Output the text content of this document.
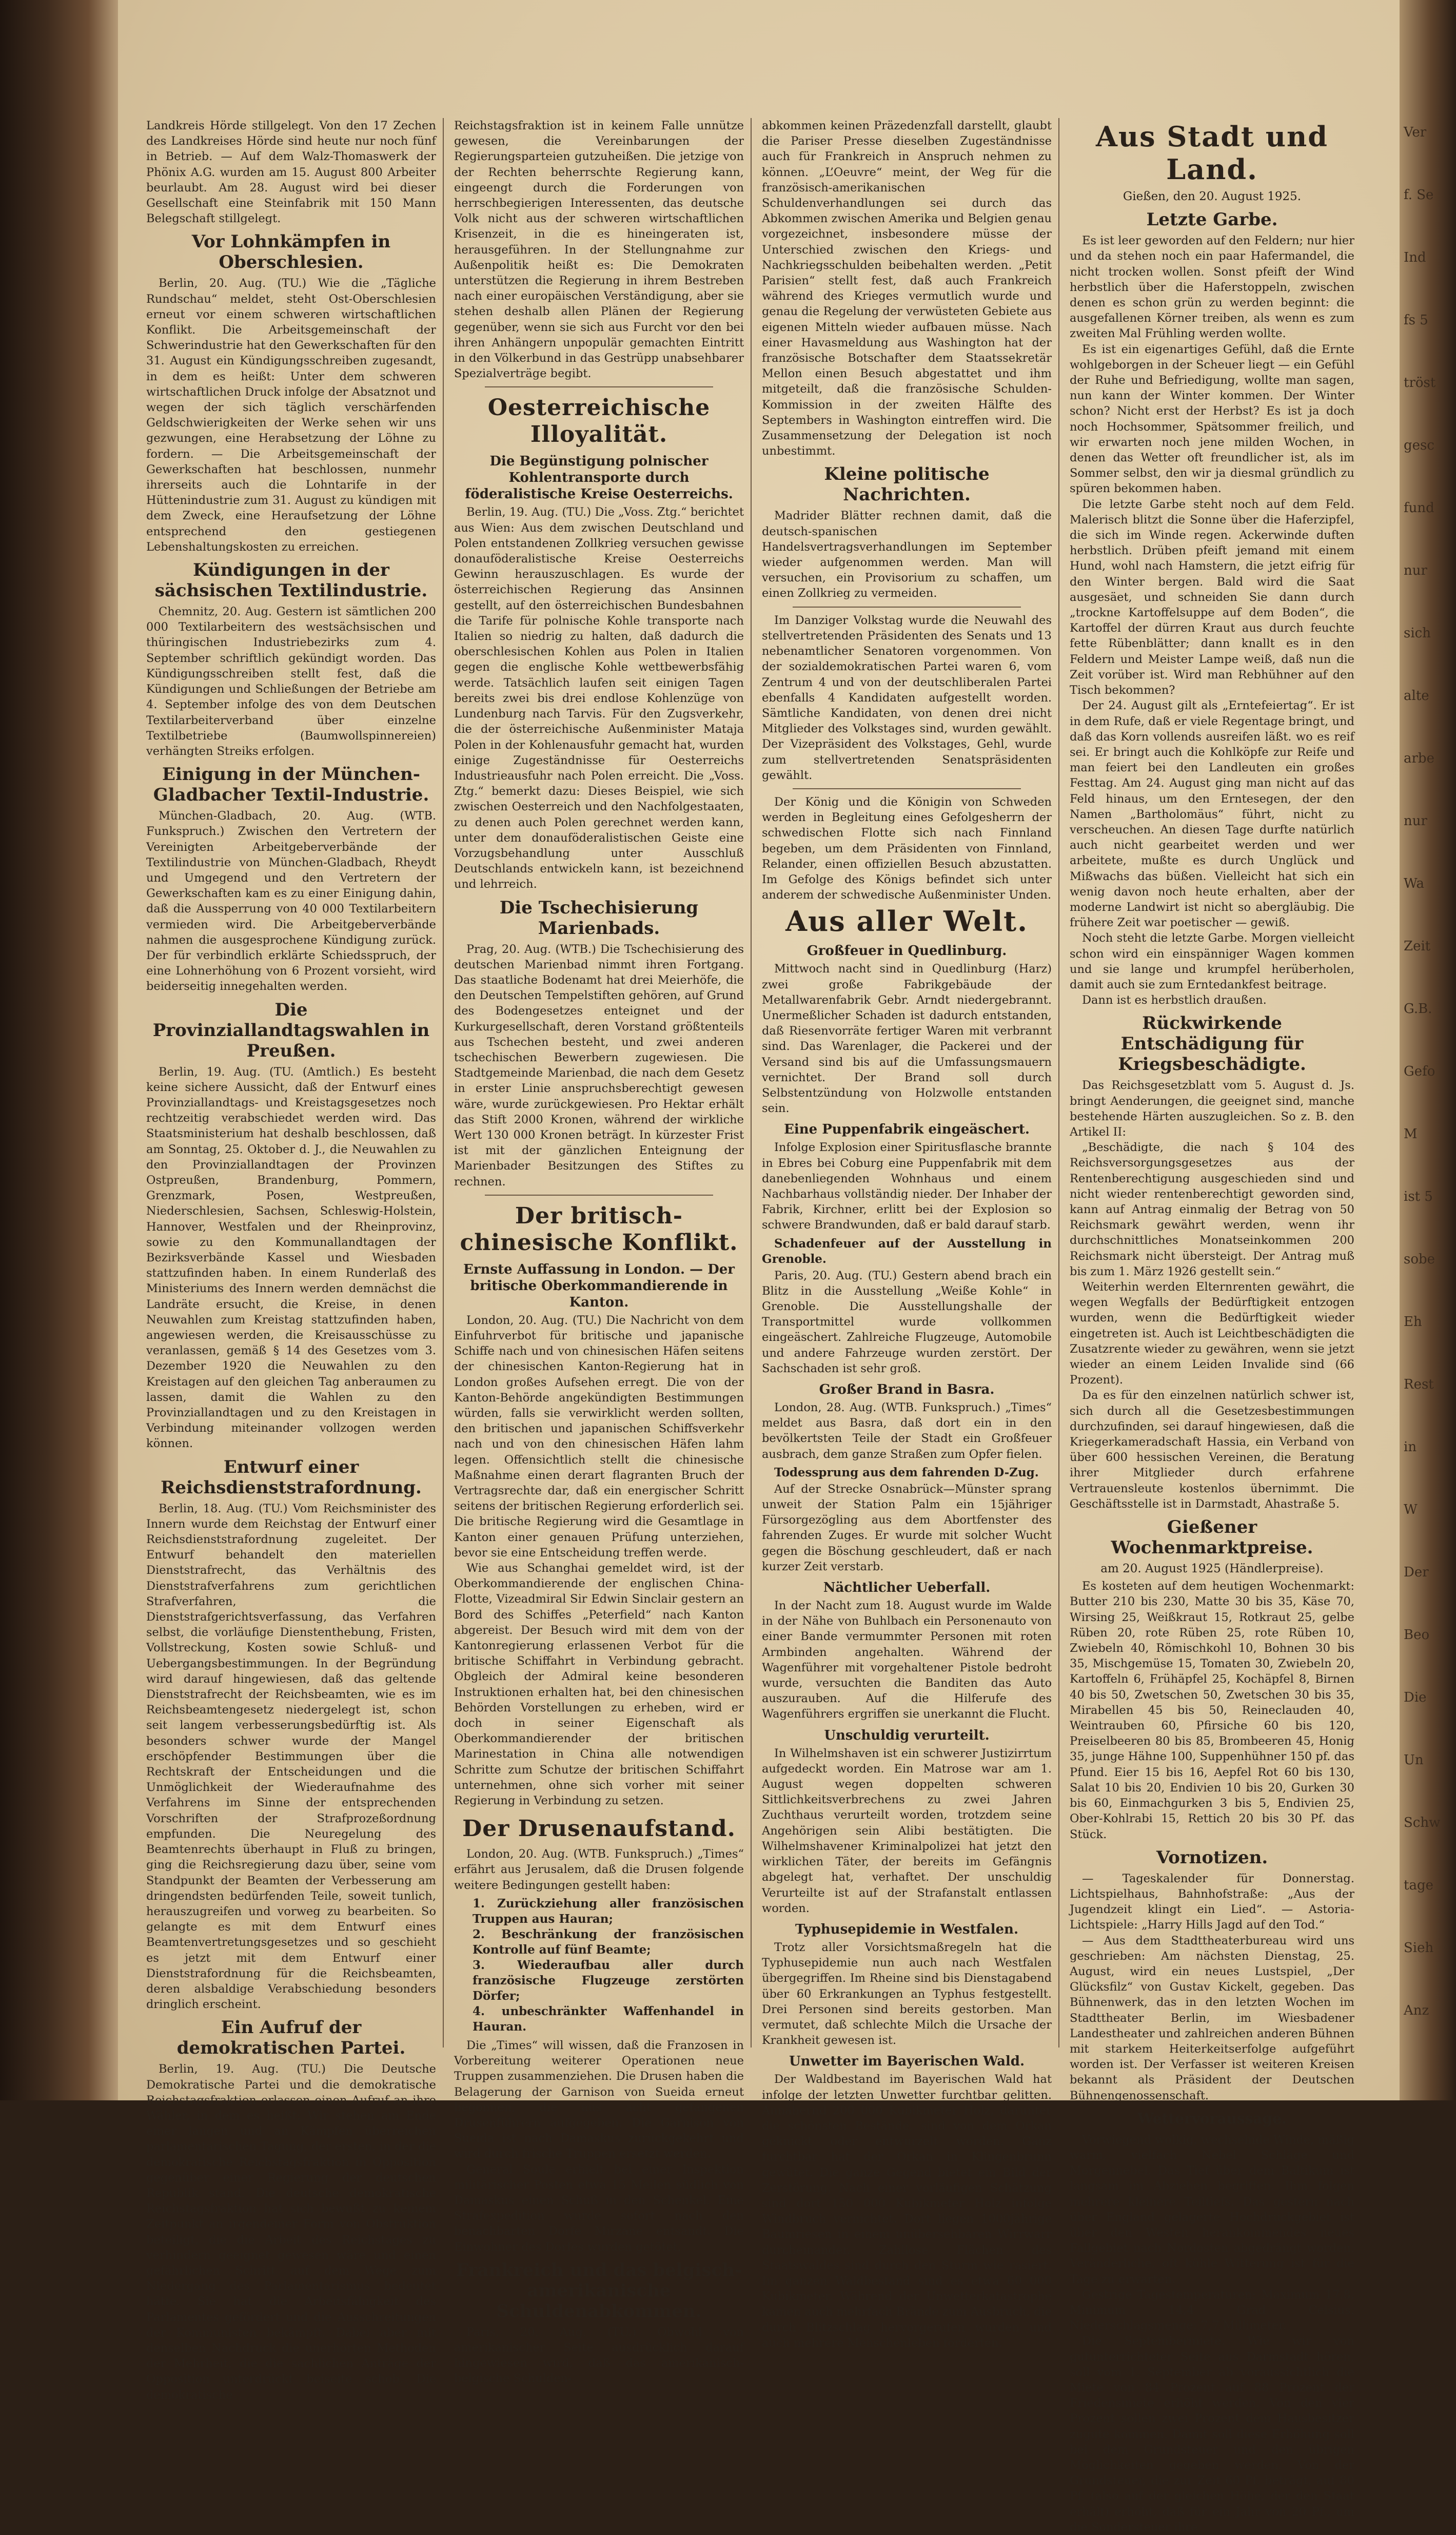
Landkreis Hörde stillgelegt. Von den 17 Zechen des Landkreises Hörde sind heute nur noch fünf in Betrieb. — Auf dem Walz-Thomaswerk der Phönix A.G. wurden am 15. August 800 Arbeiter beurlaubt. Am 28. August wird bei dieser Gesellschaft eine Steinfabrik mit 150 Mann Belegschaft stillgelegt.

Vor Lohnkämpfen in Oberschlesien.

Berlin, 20. Aug. (TU.) Wie die „Tägliche Rundschau“ meldet, steht Ost-Oberschlesien erneut vor einem schweren wirtschaftlichen Konflikt. Die Arbeitsgemeinschaft der Schwerindustrie hat den Gewerkschaften für den 31. August ein Kündigungsschreiben zugesandt, in dem es heißt: Unter dem schweren wirtschaftlichen Druck infolge der Absatznot und wegen der sich täglich verschärfenden Geldschwierigkeiten der Werke sehen wir uns gezwungen, eine Herabsetzung der Löhne zu fordern. — Die Arbeitsgemeinschaft der Gewerkschaften hat beschlossen, nunmehr ihrerseits auch die Lohntarife in der Hüttenindustrie zum 31. August zu kündigen mit dem Zweck, eine Heraufsetzung der Löhne entsprechend den gestiegenen Lebenshaltungskosten zu erreichen.

Kündigungen in der sächsischen Textilindustrie.

Chemnitz, 20. Aug. Gestern ist sämtlichen 200 000 Textilarbeitern des westsächsischen und thüringischen Industriebezirks zum 4. September schriftlich gekündigt worden. Das Kündigungsschreiben stellt fest, daß die Kündigungen und Schließungen der Betriebe am 4. September infolge des von dem Deutschen Textilarbeiterverband über einzelne Textilbetriebe (Baumwollspinnereien) verhängten Streiks erfolgen.

Einigung in der München-Gladbacher Textil-Industrie.

München-Gladbach, 20. Aug. (WTB. Funkspruch.) Zwischen den Vertretern der Vereinigten Arbeitgeberverbände der Textilindustrie von München-Gladbach, Rheydt und Umgegend und den Vertretern der Gewerkschaften kam es zu einer Einigung dahin, daß die Aussperrung von 40 000 Textilarbeitern vermieden wird. Die Arbeitgeberverbände nahmen die ausgesprochene Kündigung zurück. Der für verbindlich erklärte Schiedsspruch, der eine Lohnerhöhung von 6 Prozent vorsieht, wird beiderseitig innegehalten werden.

Die Provinziallandtagswahlen in Preußen.

Berlin, 19. Aug. (TU. (Amtlich.) Es besteht keine sichere Aussicht, daß der Entwurf eines Provinziallandtags- und Kreistagsgesetzes noch rechtzeitig verabschiedet werden wird. Das Staatsministerium hat deshalb beschlossen, daß am Sonntag, 25. Oktober d. J., die Neuwahlen zu den Provinziallandtagen der Provinzen Ostpreußen, Brandenburg, Pommern, Grenzmark, Posen, Westpreußen, Niederschlesien, Sachsen, Schleswig-Holstein, Hannover, Westfalen und der Rheinprovinz, sowie zu den Kommunallandtagen der Bezirksverbände Kassel und Wiesbaden stattzufinden haben. In einem Runderlaß des Ministeriums des Innern werden demnächst die Landräte ersucht, die Kreise, in denen Neuwahlen zum Kreistag stattzufinden haben, angewiesen werden, die Kreisausschüsse zu veranlassen, gemäß § 14 des Gesetzes vom 3. Dezember 1920 die Neuwahlen zu den Kreistagen auf den gleichen Tag anberaumen zu lassen, damit die Wahlen zu den Provinziallandtagen und zu den Kreistagen in Verbindung miteinander vollzogen werden können.

Entwurf einer Reichsdienststrafordnung.

Berlin, 18. Aug. (TU.) Vom Reichsminister des Innern wurde dem Reichstag der Entwurf einer Reichsdienststrafordnung zugeleitet. Der Entwurf behandelt den materiellen Dienststrafrecht, das Verhältnis des Dienststrafverfahrens zum gerichtlichen Strafverfahren, die Dienststrafgerichtsverfassung, das Verfahren selbst, die vorläufige Dienstenthebung, Fristen, Vollstreckung, Kosten sowie Schluß- und Uebergangsbestimmungen. In der Begründung wird darauf hingewiesen, daß das geltende Dienststrafrecht der Reichsbeamten, wie es im Reichsbeamtengesetz niedergelegt ist, schon seit langem verbesserungsbedürftig ist. Als besonders schwer wurde der Mangel erschöpfender Bestimmungen über die Rechtskraft der Entscheidungen und die Unmöglichkeit der Wiederaufnahme des Verfahrens im Sinne der entsprechenden Vorschriften der Strafprozeßordnung empfunden. Die Neuregelung des Beamtenrechts überhaupt in Fluß zu bringen, ging die Reichsregierung dazu über, seine vom Standpunkt der Beamten der Verbesserung am dringendsten bedürfenden Teile, soweit tunlich, herauszugreifen und vorweg zu bearbeiten. So gelangte es mit dem Entwurf eines Beamtenvertretungsgesetzes und so geschieht es jetzt mit dem Entwurf einer Dienststrafordnung für die Reichsbeamten, deren alsbaldige Verabschiedung besonders dringlich erscheint.

Ein Aufruf der demokratischen Partei.

Berlin, 19. Aug. (TU.) Die Deutsche Demokratische Partei und die demokratische Reichstagsfraktion erlassen einen Aufruf an ihre Wähler, in dem es heißt: Wir stehen am Ende einer langen und an Kämpfen überreichen parlamentarischen Tagung, der ersten, in der die demokratische Reichstagsfraktion in Opposition gegenüber einer Regierung der deutschen Republik stand. Die deutsche demokratische Reichstagsfraktion hat sich bewußt zu keinem Zeitpunkt an irgendeiner Form von Obstruktion beteiligt, die die Arbeit des Reichstages zu verhindern geeignet gewesen wäre und einen gefährlichen Schritt auf dem Wege zum Niedergang des Parlamentarismus bedeutet hätte. Sie hat die Arbeitsfähigkeit des Parlamentes gefördert und die Ausschreitungen der Kommunisten bekämpft. Dabei aber mit denselben Nachdruck die unerhörten Methoden der Mehrheit, die die sachlichen Anträge der Opposition unterdrückt beiseite schob. Die demokratische

Reichstagsfraktion ist in keinem Falle unnütze gewesen, die Vereinbarungen der Regierungsparteien gutzuheißen. Die jetzige von der Rechten beherrschte Regierung kann, eingeengt durch die Forderungen von herrschbegierigen Interessenten, das deutsche Volk nicht aus der schweren wirtschaftlichen Krisenzeit, in die es hineingeraten ist, herausgeführen. In der Stellungnahme zur Außenpolitik heißt es: Die Demokraten unterstützen die Regierung in ihrem Bestreben nach einer europäischen Verständigung, aber sie stehen deshalb allen Plänen der Regierung gegenüber, wenn sie sich aus Furcht vor den bei ihren Anhängern unpopulär gemachten Eintritt in den Völkerbund in das Gestrüpp unabsehbarer Spezialverträge begibt.

Oesterreichische Illoyalität.
Die Begünstigung polnischer Kohlentransporte durch föderalistische Kreise Oesterreichs.

Berlin, 19. Aug. (TU.) Die „Voss. Ztg.“ berichtet aus Wien: Aus dem zwischen Deutschland und Polen entstandenen Zollkrieg versuchen gewisse donauföderalistische Kreise Oesterreichs Gewinn herauszuschlagen. Es wurde der österreichischen Regierung das Ansinnen gestellt, auf den österreichischen Bundesbahnen die Tarife für polnische Kohle transporte nach Italien so niedrig zu halten, daß dadurch die oberschlesischen Kohlen aus Polen in Italien gegen die englische Kohle wettbewerbsfähig werde. Tatsächlich laufen seit einigen Tagen bereits zwei bis drei endlose Kohlenzüge von Lundenburg nach Tarvis. Für den Zugsverkehr, die der österreichische Außenminister Mataja Polen in der Kohlenausfuhr gemacht hat, wurden einige Zugeständnisse für Oesterreichs Industrieausfuhr nach Polen erreicht. Die „Voss. Ztg.“ bemerkt dazu: Dieses Beispiel, wie sich zwischen Oesterreich und den Nachfolgestaaten, zu denen auch Polen gerechnet werden kann, unter dem donauföderalistischen Geiste eine Vorzugsbehandlung unter Ausschluß Deutschlands entwickeln kann, ist bezeichnend und lehrreich.

Die Tschechisierung Marienbads.

Prag, 20. Aug. (WTB.) Die Tschechisierung des deutschen Marienbad nimmt ihren Fortgang. Das staatliche Bodenamt hat drei Meierhöfe, die den Deutschen Tempelstiften gehören, auf Grund des Bodengesetzes enteignet und der Kurkurgesellschaft, deren Vorstand größtenteils aus Tschechen besteht, und zwei anderen tschechischen Bewerbern zugewiesen. Die Stadtgemeinde Marienbad, die nach dem Gesetz in erster Linie anspruchsberechtigt gewesen wäre, wurde zurückgewiesen. Pro Hektar erhält das Stift 2000 Kronen, während der wirkliche Wert 130 000 Kronen beträgt. In kürzester Frist ist mit der gänzlichen Enteignung der Marienbader Besitzungen des Stiftes zu rechnen.

Der britisch-chinesische Konflikt.
Ernste Auffassung in London. — Der britische Oberkommandierende in Kanton.

London, 20. Aug. (TU.) Die Nachricht von dem Einfuhrverbot für britische und japanische Schiffe nach und von chinesischen Häfen seitens der chinesischen Kanton-Regierung hat in London großes Aufsehen erregt. Die von der Kanton-Behörde angekündigten Bestimmungen würden, falls sie verwirklicht werden sollten, den britischen und japanischen Schiffsverkehr nach und von den chinesischen Häfen lahm legen. Offensichtlich stellt die chinesische Maßnahme einen derart flagranten Bruch der Vertragsrechte dar, daß ein energischer Schritt seitens der britischen Regierung erforderlich sei. Die britische Regierung wird die Gesamtlage in Kanton einer genauen Prüfung unterziehen, bevor sie eine Entscheidung treffen werde.

Wie aus Schanghai gemeldet wird, ist der Oberkommandierende der englischen China-Flotte, Vizeadmiral Sir Edwin Sinclair gestern an Bord des Schiffes „Peterfield“ nach Kanton abgereist. Der Besuch wird mit dem von der Kantonregierung erlassenen Verbot für die britische Schiffahrt in Verbindung gebracht. Obgleich der Admiral keine besonderen Instruktionen erhalten hat, bei den chinesischen Behörden Vorstellungen zu erheben, wird er doch in seiner Eigenschaft als Oberkommandierender der britischen Marinestation in China alle notwendigen Schritte zum Schutze der britischen Schiffahrt unternehmen, ohne sich vorher mit seiner Regierung in Verbindung zu setzen.

Der Drusenaufstand.

London, 20. Aug. (WTB. Funkspruch.) „Times“ erfährt aus Jerusalem, daß die Drusen folgende weitere Bedingungen gestellt haben:

1. Zurückziehung aller französischen Truppen aus Hauran;
2. Beschränkung der französischen Kontrolle auf fünf Beamte;
3. Wiederaufbau aller durch französische Flugzeuge zerstörten Dörfer;
4. unbeschränkter Waffenhandel in Hauran.

Die „Times“ will wissen, daß die Franzosen in Vorbereitung weiterer Operationen neue Truppen zusammenziehen. Die Drusen haben die Belagerung der Garnison von Sueida erneut begonnen, die aus acht gefangenen Drusenführern aufgegeben. Die Garnison von Sueida ist nach Damaskus zurückgekehrt und wird durch frische Truppen ersetzt werden.

General Soule erhielt bei einer Inspektion militärischer Posten etwa 15 Meilen südlich von Damaskus einen Schuß in den Schenkel. Eine Strafexpedition wurde sofort nach den benachbarten Dorfe Mirzane entsandt. Die Einwohner des Dorfes wurden getötet.

Frankreich und das belgisch-amerikanische Schuldenabkommen.

Paris, 20. Aug. (TU.) Obwohl von amerikanischer Seite ausdrücklich darauf hingewiesen wird, daß das amerikanisch-belgische Schulden-

abkommen keinen Präzedenzfall darstellt, glaubt die Pariser Presse dieselben Zugeständnisse auch für Frankreich in Anspruch nehmen zu können. „L’Oeuvre“ meint, der Weg für die französisch-amerikanischen Schuldenverhandlungen sei durch das Abkommen zwischen Amerika und Belgien genau vorgezeichnet, insbesondere müsse der Unterschied zwischen den Kriegs- und Nachkriegsschulden beibehalten werden. „Petit Parisien“ stellt fest, daß auch Frankreich während des Krieges vermutlich wurde und genau die Regelung der verwüsteten Gebiete aus eigenen Mitteln wieder aufbauen müsse. Nach einer Havasmeldung aus Washington hat der französische Botschafter dem Staatssekretär Mellon einen Besuch abgestattet und ihm mitgeteilt, daß die französische Schulden-Kommission in der zweiten Hälfte des Septembers in Washington eintreffen wird. Die Zusammensetzung der Delegation ist noch unbestimmt.

Kleine politische Nachrichten.

Madrider Blätter rechnen damit, daß die deutsch-spanischen Handelsvertragsverhandlungen im September wieder aufgenommen werden. Man will versuchen, ein Provisorium zu schaffen, um einen Zollkrieg zu vermeiden.

Im Danziger Volkstag wurde die Neuwahl des stellvertretenden Präsidenten des Senats und 13 nebenamtlicher Senatoren vorgenommen. Von der sozialdemokratischen Partei waren 6, vom Zentrum 4 und von der deutschliberalen Partei ebenfalls 4 Kandidaten aufgestellt worden. Sämtliche Kandidaten, von denen drei nicht Mitglieder des Volkstages sind, wurden gewählt. Der Vizepräsident des Volkstages, Gehl, wurde zum stellvertretenden Senatspräsidenten gewählt.

Der König und die Königin von Schweden werden in Begleitung eines Gefolgesherrn der schwedischen Flotte sich nach Finnland begeben, um dem Präsidenten von Finnland, Relander, einen offiziellen Besuch abzustatten. Im Gefolge des Königs befindet sich unter anderem der schwedische Außenminister Unden.

Aus aller Welt.
Großfeuer in Quedlinburg.

Mittwoch nacht sind in Quedlinburg (Harz) zwei große Fabrikgebäude der Metallwarenfabrik Gebr. Arndt niedergebrannt. Unermeßlicher Schaden ist dadurch entstanden, daß Riesenvorräte fertiger Waren mit verbrannt sind. Das Warenlager, die Packerei und der Versand sind bis auf die Umfassungsmauern vernichtet. Der Brand soll durch Selbstentzündung von Holzwolle entstanden sein.

Eine Puppenfabrik eingeäschert.

Infolge Explosion einer Spiritusflasche brannte in Ebres bei Coburg eine Puppenfabrik mit dem danebenliegenden Wohnhaus und einem Nachbarhaus vollständig nieder. Der Inhaber der Fabrik, Kirchner, erlitt bei der Explosion so schwere Brandwunden, daß er bald darauf starb.

Schadenfeuer auf der Ausstellung in Grenoble.

Paris, 20. Aug. (TU.) Gestern abend brach ein Blitz in die Ausstellung „Weiße Kohle“ in Grenoble. Die Ausstellungshalle der Transportmittel wurde vollkommen eingeäschert. Zahlreiche Flugzeuge, Automobile und andere Fahrzeuge wurden zerstört. Der Sachschaden ist sehr groß.

Großer Brand in Basra.

London, 28. Aug. (WTB. Funkspruch.) „Times“ meldet aus Basra, daß dort ein in den bevölkertsten Teile der Stadt ein Großfeuer ausbrach, dem ganze Straßen zum Opfer fielen.

Todessprung aus dem fahrenden D-Zug.

Auf der Strecke Osnabrück—Münster sprang unweit der Station Palm ein 15jähriger Fürsorgezögling aus dem Abortfenster des fahrenden Zuges. Er wurde mit solcher Wucht gegen die Böschung geschleudert, daß er nach kurzer Zeit verstarb.

Nächtlicher Ueberfall.

In der Nacht zum 18. August wurde im Walde in der Nähe von Buhlbach ein Personenauto von einer Bande vermummter Personen mit roten Armbinden angehalten. Während der Wagenführer mit vorgehaltener Pistole bedroht wurde, versuchten die Banditen das Auto auszurauben. Auf die Hilferufe des Wagenführers ergriffen sie unerkannt die Flucht.

Unschuldig verurteilt.

In Wilhelmshaven ist ein schwerer Justizirrtum aufgedeckt worden. Ein Matrose war am 1. August wegen doppelten schweren Sittlichkeitsverbrechens zu zwei Jahren Zuchthaus verurteilt worden, trotzdem seine Angehörigen sein Alibi bestätigten. Die Wilhelmshavener Kriminalpolizei hat jetzt den wirklichen Täter, der bereits im Gefängnis abgelegt hat, verhaftet. Der unschuldig Verurteilte ist auf der Strafanstalt entlassen worden.

Typhusepidemie in Westfalen.

Trotz aller Vorsichtsmaßregeln hat die Typhusepidemie nun auch nach Westfalen übergegriffen. Im Rheine sind bis Dienstagabend über 60 Erkrankungen an Typhus festgestellt. Drei Personen sind bereits gestorben. Man vermutet, daß schlechte Milch die Ursache der Krankheit gewesen ist.

Unwetter im Bayerischen Wald.

Der Waldbestand im Bayerischen Wald hat infolge der letzten Unwetter furchtbar gelitten. Annähernd 200 000 Kubikmeter Holz, darunter die schönsten Bestände, sind von dem Orkan geknickt oder entwurzelt worden. Ganz furchtbar hat der Orkan in Klingenbrunn gewütet. Die ganze Gegend bietet ein Bild der Zerstörung. Nach einer vorläufigen Schätzung sind dort 150 000 Kubikmeter Holz infolge Windbruch vernichtet. Dort liegen 1000jährige Baumriesen in einem unübersehbaren Wirrwarr durcheinander. Zahllose Flächen des Staatswaldes sind durch den Sturm wie rasiert. Im ganzen Waldbestand sind es etwa 60 000 Kubikmeter. Während der Unwetterkatastrophe kamen auch mehrfach Brände zum Ausbruch, die durch Blitzschlag hervorgerufen wurden und auch mehrere Menschenleben forderten.

Aus Stadt und Land.
Gießen, den 20. August 1925.
Letzte Garbe.

Es ist leer geworden auf den Feldern; nur hier und da stehen noch ein paar Hafermandel, die nicht trocken wollen. Sonst pfeift der Wind herbstlich über die Haferstoppeln, zwischen denen es schon grün zu werden beginnt: die ausgefallenen Körner treiben, als wenn es zum zweiten Mal Frühling werden wollte.

Es ist ein eigenartiges Gefühl, daß die Ernte wohlgeborgen in der Scheuer liegt — ein Gefühl der Ruhe und Befriedigung, wollte man sagen, nun kann der Winter kommen. Der Winter schon? Nicht erst der Herbst? Es ist ja doch noch Hochsommer, Spätsommer freilich, und wir erwarten noch jene milden Wochen, in denen das Wetter oft freundlicher ist, als im Sommer selbst, den wir ja diesmal gründlich zu spüren bekommen haben.

Die letzte Garbe steht noch auf dem Feld. Malerisch blitzt die Sonne über die Haferzipfel, die sich im Winde regen. Ackerwinde duften herbstlich. Drüben pfeift jemand mit einem Hund, wohl nach Hamstern, die jetzt eifrig für den Winter bergen. Bald wird die Saat ausgesäet, und schneiden Sie dann durch „trockne Kartoffelsuppe auf dem Boden“, die Kartoffel der dürren Kraut aus durch feuchte fette Rübenblätter; dann knallt es in den Feldern und Meister Lampe weiß, daß nun die Zeit vorüber ist. Wird man Rebhühner auf den Tisch bekommen?

Der 24. August gilt als „Erntefeiertag“. Er ist in dem Rufe, daß er viele Regentage bringt, und daß das Korn vollends ausreifen läßt. wo es reif sei. Er bringt auch die Kohlköpfe zur Reife und man feiert bei den Landleuten ein großes Festtag. Am 24. August ging man nicht auf das Feld hinaus, um den Erntesegen, der den Namen „Bartholomäus“ führt, nicht zu verscheuchen. An diesen Tage durfte natürlich auch nicht gearbeitet werden und wer arbeitete, mußte es durch Unglück und Mißwachs das büßen. Vielleicht hat sich ein wenig davon noch heute erhalten, aber der moderne Landwirt ist nicht so abergläubig. Die frühere Zeit war poetischer — gewiß.

Noch steht die letzte Garbe. Morgen vielleicht schon wird ein einspänniger Wagen kommen und sie lange und krumpfel herüberholen, damit auch sie zum Erntedankfest beitrage.

Dann ist es herbstlich draußen.

Rückwirkende Entschädigung für Kriegsbeschädigte.

Das Reichsgesetzblatt vom 5. August d. Js. bringt Aenderungen, die geeignet sind, manche bestehende Härten auszugleichen. So z. B. den Artikel II:

„Beschädigte, die nach § 104 des Reichsversorgungsgesetzes aus der Rentenberechtigung ausgeschieden sind und nicht wieder rentenberechtigt geworden sind, kann auf Antrag einmalig der Betrag von 50 Reichsmark gewährt werden, wenn ihr durchschnittliches Monatseinkommen 200 Reichsmark nicht übersteigt. Der Antrag muß bis zum 1. März 1926 gestellt sein.“

Weiterhin werden Elternrenten gewährt, die wegen Wegfalls der Bedürftigkeit entzogen wurden, wenn die Bedürftigkeit wieder eingetreten ist. Auch ist Leichtbeschädigten die Zusatzrente wieder zu gewähren, wenn sie jetzt wieder an einem Leiden Invalide sind (66 Prozent).

Da es für den einzelnen natürlich schwer ist, sich durch all die Gesetzesbestimmungen durchzufinden, sei darauf hingewiesen, daß die Kriegerkameradschaft Hassia, ein Verband von über 600 hessischen Vereinen, die Beratung ihrer Mitglieder durch erfahrene Vertrauensleute kostenlos übernimmt. Die Geschäftsstelle ist in Darmstadt, Ahastraße 5.

Gießener Wochenmarktpreise.
am 20. August 1925 (Händlerpreise).

Es kosteten auf dem heutigen Wochenmarkt: Butter 210 bis 230, Matte 30 bis 35, Käse 70, Wirsing 25, Weißkraut 15, Rotkraut 25, gelbe Rüben 20, rote Rüben 25, rote Rüben 10, Zwiebeln 40, Römischkohl 10, Bohnen 30 bis 35, Mischgemüse 15, Tomaten 30, Zwiebeln 20, Kartoffeln 6, Frühäpfel 25, Kochäpfel 8, Birnen 40 bis 50, Zwetschen 50, Zwetschen 30 bis 35, Mirabellen 45 bis 50, Reineclauden 40, Weintrauben 60, Pfirsiche 60 bis 120, Preiselbeeren 80 bis 85, Brombeeren 45, Honig 35, junge Hähne 100, Suppenhühner 150 pf. das Pfund. Eier 15 bis 16, Aepfel Rot 60 bis 130, Salat 10 bis 20, Endivien 10 bis 20, Gurken 30 bis 60, Einmachgurken 3 bis 5, Endivien 25, Ober-Kohlrabi 15, Rettich 20 bis 30 Pf. das Stück.

Vornotizen.

— Tageskalender für Donnerstag. Lichtspielhaus, Bahnhofstraße: „Aus der Jugendzeit klingt ein Lied“. — Astoria-Lichtspiele: „Harry Hills Jagd auf den Tod.“

— Aus dem Stadttheaterbureau wird uns geschrieben: Am nächsten Dienstag, 25. August, wird ein neues Lustspiel, „Der Glücksfilz“ von Gustav Kickelt, gegeben. Das Bühnenwerk, das in den letzten Wochen im Stadttheater Berlin, im Wiesbadener Landestheater und zahlreichen anderen Bühnen mit starkem Heiterkeitserfolge aufgeführt worden ist. Der Verfasser ist weiteren Kreisen bekannt als Präsident der Deutschen Bühnengenossenschaft.

Wettervoraussage.

Vorwiegend wolkig, wechselnde Winde, mäßig warm, vielfach Nebel Schläge und Morgennebel. Das Tief über dem Baltikum ist langsam im Abziehen begriffen. Ihm folgen mehrere kleinere Teiltiefs. Das gestern nach über England gelagerte Hochdruckgebiet ist über den Westen herankommendes neues Fallgebiet nach Nordosten abgedrängt worden. Veränderliche, oft kühle Witterung ist für die Tage zu erwarten.

Gestrige Tagestemperaturen: Maximum 17,8, Minimum 14,4 Grad Celsius. Niederschlagsmenge: 7,7 Millimeter.

Die Septembermiete. Wie wir von gutunterrichteter Seite aus Darmstadt hören, soll vom 1. September ab voraussichtlich die Miete von 84 Prozent auf 88 Prozent der Friedensmiete erhöht werden. Von den vier Prozent sollen zwei Prozent dem Hausbesitzer zugute kommen. Damit soll diese Erhöhung soll bei dem Grundsteuer und den übrigen Möglichkeiten gegeben werden. Von der Grundsteuer, die zur Zeit 60 Pf. beträgt, auf 80 Pf. (also auf der gleichen Höhe, der den Staat erhält) erhöht, daß für ein Jahr von 20 Pf., um die Sondersteuer ihre

Ver
f. Se
Ind
fs 5
tröst
gesc
fund
nur
sich
alte
arbe
nur
Wa
Zeit
G.B.
Gefo
M
ist 5
sobe
Eh
Rest
in
W
Der
Beo
Die
Un
Schw
tage
Sieh
Anz
